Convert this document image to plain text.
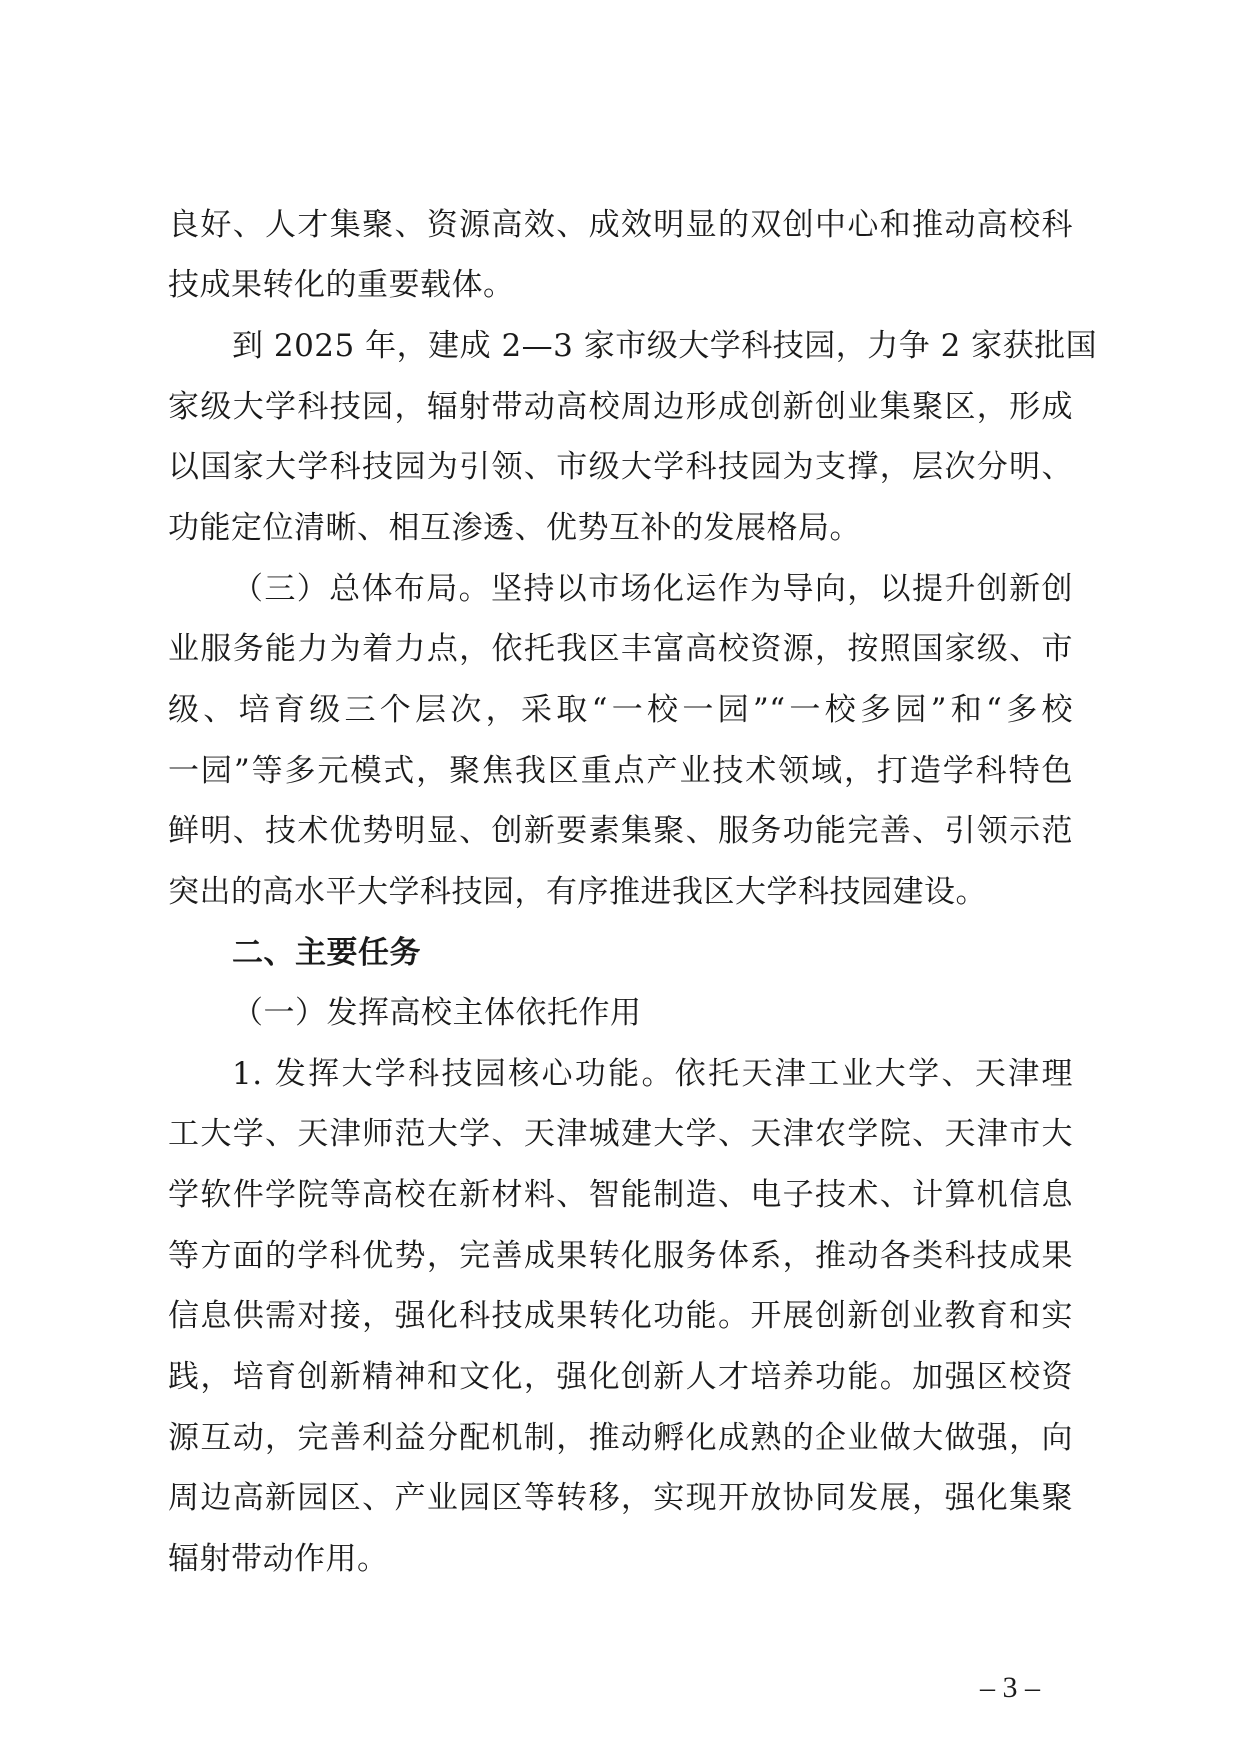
良好、人才集聚、资源高效、成效明显的双创中心和推动高校科
技成果转化的重要载体。
到 2025 年，建成 2—3 家市级大学科技园，力争 2 家获批国
家级大学科技园，辐射带动高校周边形成创新创业集聚区，形成
以国家大学科技园为引领、市级大学科技园为支撑，层次分明、
功能定位清晰、相互渗透、优势互补的发展格局。
（三）总体布局。坚持以市场化运作为导向，以提升创新创
业服务能力为着力点，依托我区丰富高校资源，按照国家级、市
级、培育级三个层次，采取“一校一园”“一校多园”和“多校
一园”等多元模式，聚焦我区重点产业技术领域，打造学科特色
鲜明、技术优势明显、创新要素集聚、服务功能完善、引领示范
突出的高水平大学科技园，有序推进我区大学科技园建设。
二、主要任务
（一）发挥高校主体依托作用
1. 发挥大学科技园核心功能。依托天津工业大学、天津理
工大学、天津师范大学、天津城建大学、天津农学院、天津市大
学软件学院等高校在新材料、智能制造、电子技术、计算机信息
等方面的学科优势，完善成果转化服务体系，推动各类科技成果
信息供需对接，强化科技成果转化功能。开展创新创业教育和实
践，培育创新精神和文化，强化创新人才培养功能。加强区校资
源互动，完善利益分配机制，推动孵化成熟的企业做大做强，向
周边高新园区、产业园区等转移，实现开放协同发展，强化集聚
辐射带动作用。
– 3 –
